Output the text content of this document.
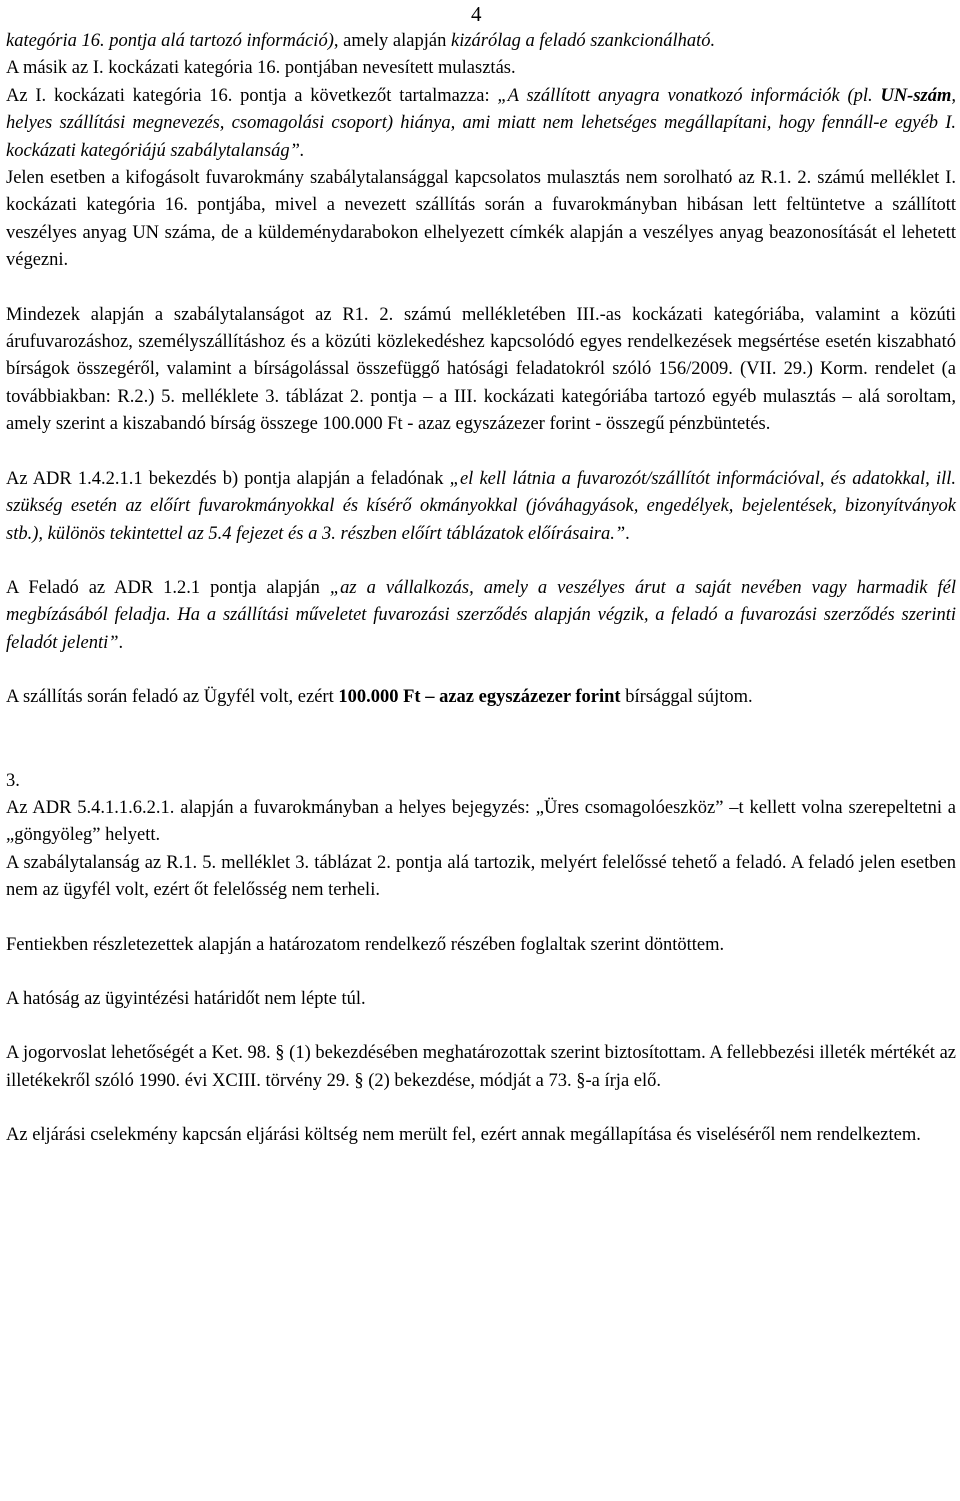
4

kategória 16. pontja alá tartozó információ), amely alapján kizárólag a feladó szankcionálható.

A másik az I. kockázati kategória 16. pontjában nevesített mulasztás.

Az I. kockázati kategória 16. pontja a következőt tartalmazza: „A szállított anyagra vonatkozó információk (pl. UN-szám, helyes szállítási megnevezés, csomagolási csoport) hiánya, ami miatt nem lehetséges megállapítani, hogy fennáll-e egyéb I. kockázati kategóriájú szabálytalanság”.

Jelen esetben a kifogásolt fuvarokmány szabálytalansággal kapcsolatos mulasztás nem sorolható az R.1. 2. számú melléklet I. kockázati kategória 16. pontjába, mivel a nevezett szállítás során a fuvarokmányban hibásan lett feltüntetve a szállított veszélyes anyag UN száma, de a küldeménydarabokon elhelyezett címkék alapján a veszélyes anyag beazonosítását el lehetett végezni.

Mindezek alapján a szabálytalanságot az R1. 2. számú mellékletében III.-as kockázati kategóriába, valamint a közúti árufuvarozáshoz, személyszállításhoz és a közúti közlekedéshez kapcsolódó egyes rendelkezések megsértése esetén kiszabható bírságok összegéről, valamint a bírságolással összefüggő hatósági feladatokról szóló 156/2009. (VII. 29.) Korm. rendelet (a továbbiakban: R.2.) 5. melléklete 3. táblázat 2. pontja – a III. kockázati kategóriába tartozó egyéb mulasztás – alá soroltam, amely szerint a kiszabandó bírság összege 100.000 Ft - azaz egyszázezer forint - összegű pénzbüntetés.

Az ADR 1.4.2.1.1 bekezdés b) pontja alapján a feladónak „el kell látnia a fuvarozót/szállítót információval, és adatokkal, ill. szükség esetén az előírt fuvarokmányokkal és kísérő okmányokkal (jóváhagyások, engedélyek, bejelentések, bizonyítványok stb.), különös tekintettel az 5.4 fejezet és a 3. részben előírt táblázatok előírásaira.”.

A Feladó az ADR 1.2.1 pontja alapján „az a vállalkozás, amely a veszélyes árut a saját nevében vagy harmadik fél megbízásából feladja. Ha a szállítási műveletet fuvarozási szerződés alapján végzik, a feladó a fuvarozási szerződés szerinti feladót jelenti”.

A szállítás során feladó az Ügyfél volt, ezért 100.000 Ft – azaz egyszázezer forint bírsággal sújtom.

3.

Az ADR 5.4.1.1.6.2.1. alapján a fuvarokmányban a helyes bejegyzés: „Üres csomagolóeszköz” –t kellett volna szerepeltetni a „göngyöleg” helyett.

A szabálytalanság az R.1. 5. melléklet 3. táblázat 2. pontja alá tartozik, melyért felelőssé tehető a feladó. A feladó jelen esetben nem az ügyfél volt, ezért őt felelősség nem terheli.

Fentiekben részletezettek alapján a határozatom rendelkező részében foglaltak szerint döntöttem.

A hatóság az ügyintézési határidőt nem lépte túl.

A jogorvoslat lehetőségét a Ket. 98. § (1) bekezdésében meghatározottak szerint biztosítottam. A fellebbezési illeték mértékét az illetékekről szóló 1990. évi XCIII. törvény 29. § (2) bekezdése, módját a 73. §-a írja elő.

Az eljárási cselekmény kapcsán eljárási költség nem merült fel, ezért annak megállapítása és viseléséről nem rendelkeztem.
